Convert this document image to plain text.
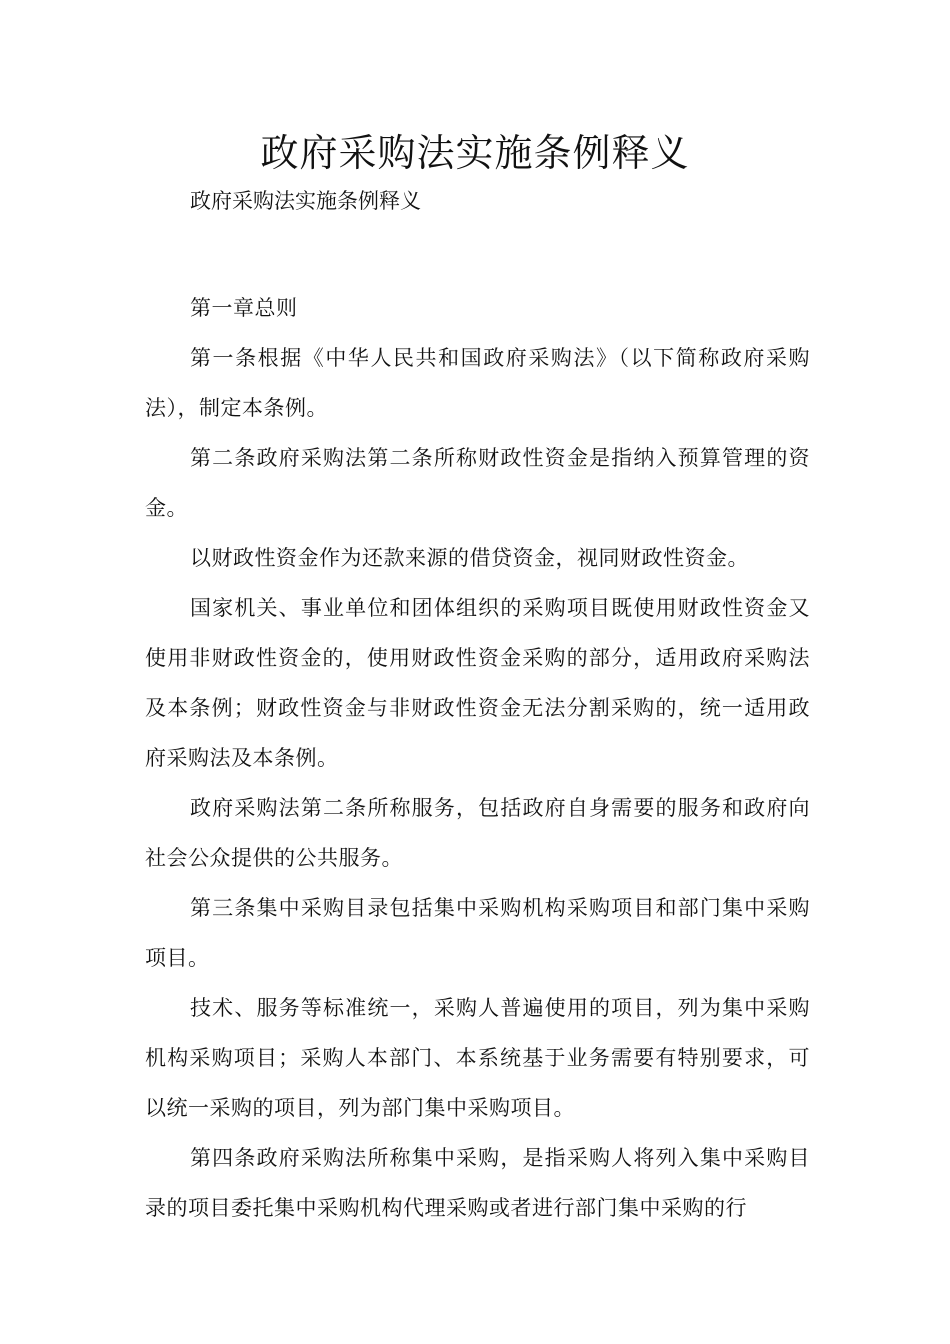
政府采购法实施条例释义

政府采购法实施条例释义

第一章总则

第一条根据《中华人民共和国政府采购法》（以下简称政府采购法），制定本条例。

第二条政府采购法第二条所称财政性资金是指纳入预算管理的资金。

以财政性资金作为还款来源的借贷资金，视同财政性资金。

国家机关、事业单位和团体组织的采购项目既使用财政性资金又使用非财政性资金的，使用财政性资金采购的部分，适用政府采购法及本条例；财政性资金与非财政性资金无法分割采购的，统一适用政府采购法及本条例。

政府采购法第二条所称服务，包括政府自身需要的服务和政府向社会公众提供的公共服务。

第三条集中采购目录包括集中采购机构采购项目和部门集中采购项目。

技术、服务等标准统一，采购人普遍使用的项目，列为集中采购机构采购项目；采购人本部门、本系统基于业务需要有特别要求，可以统一采购的项目，列为部门集中采购项目。

第四条政府采购法所称集中采购，是指采购人将列入集中采购目录的项目委托集中采购机构代理采购或者进行部门集中采购的行
